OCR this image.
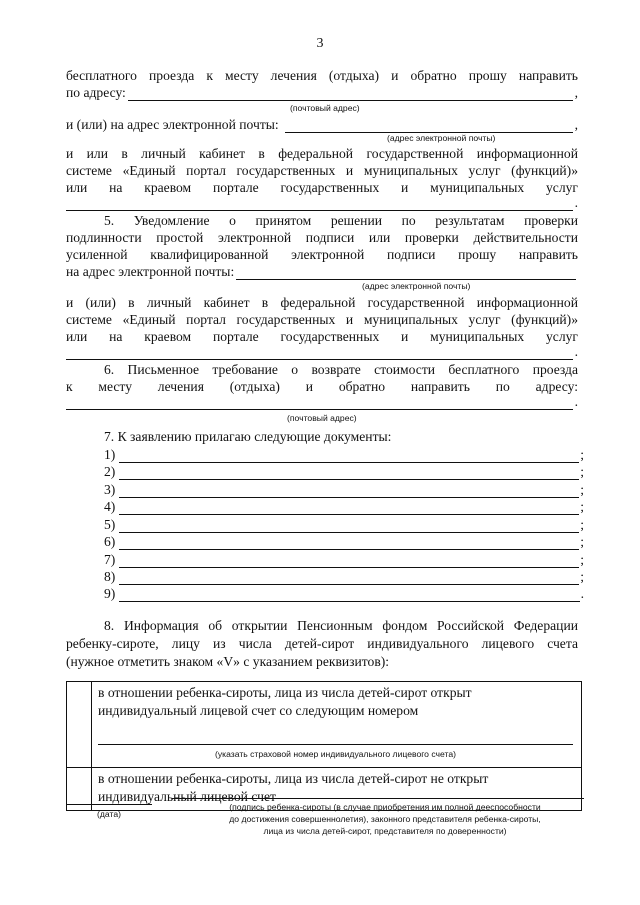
3
бесплатного проезда к месту лечения (отдыха) и обратно прошу направить
по адресу:	,
(почтовый адрес)
и (или) на адрес электронной почты:	,
(адрес электронной почты)
и или в личный кабинет в федеральной государственной информационной
системе «Единый портал государственных и муниципальных услуг (функций)»
или на краевом портале государственных и муниципальных услуг
.
5. Уведомление о принятом решении по результатам проверки
подлинности простой электронной подписи или проверки действительности
усиленной квалифицированной электронной подписи прошу направить
на адрес электронной почты:
(адрес электронной почты)
и (или) в личный кабинет в федеральной государственной информационной
системе «Единый портал государственных и муниципальных услуг (функций)»
или на краевом портале государственных и муниципальных услуг
.
6. Письменное требование о возврате стоимости бесплатного проезда
к месту лечения (отдыха) и обратно направить по адресу:
.
(почтовый адрес)
7. К заявлению прилагаю следующие документы:
1)	;
2)	;
3)	;
4)	;
5)	;
6)	;
7)	;
8)	;
9)	.
8. Информация об открытии Пенсионным фондом Российской Федерации
ребенку-сироте, лицу из числа детей-сирот индивидуального лицевого счета
(нужное отметить знаком «V» с указанием реквизитов):

	в отношении ребенка-сироты, лица из числа детей-сирот открыт
индивидуальный лицевой счет со следующим номером
(указать страховой номер индивидуального лицевого счета)

	в отношении ребенка-сироты, лица из числа детей-сирот не открыт
индивидуальный лицевой счет
(дата)
(подпись ребенка-сироты (в случае приобретения им полной дееспособности
до достижения совершеннолетия), законного представителя ребенка-сироты,
лица из числа детей-сирот, представителя по доверенности)
